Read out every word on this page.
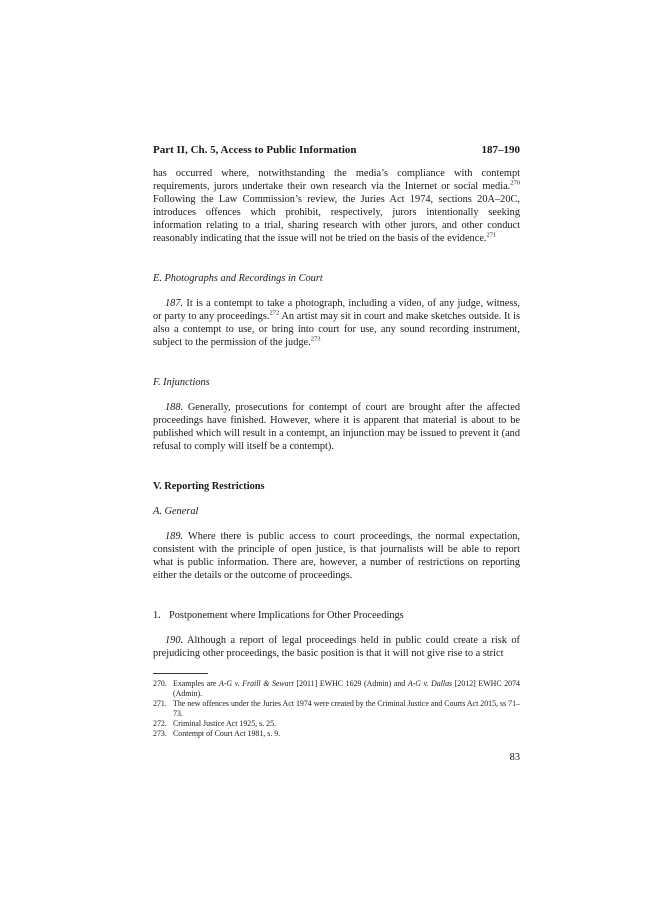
Part II, Ch. 5, Access to Public Information	187–190

has occurred where, notwithstanding the media’s compliance with contempt requirements, jurors undertake their own research via the Internet or social media.$^{270}$ Following the Law Commission’s review, the Juries Act 1974, sections 20A–20C, introduces offences which prohibit, respectively, jurors intentionally seeking information relating to a trial, sharing research with other jurors, and other conduct reasonably indicating that the issue will not be tried on the basis of the evidence.$^{271}$

E. Photographs and Recordings in Court

187. It is a contempt to take a photograph, including a video, of any judge, witness, or party to any proceedings.$^{272}$ An artist may sit in court and make sketches outside. It is also a contempt to use, or bring into court for use, any sound recording instrument, subject to the permission of the judge.$^{273}$

F. Injunctions

188. Generally, prosecutions for contempt of court are brought after the affected proceedings have finished. However, where it is apparent that material is about to be published which will result in a contempt, an injunction may be issued to prevent it (and refusal to comply will itself be a contempt).

V. Reporting Restrictions
A. General

189. Where there is public access to court proceedings, the normal expectation, consistent with the principle of open justice, is that journalists will be able to report what is public information. There are, however, a number of restrictions on reporting either the details or the outcome of proceedings.

1. Postponement where Implications for Other Proceedings

190. Although a report of legal proceedings held in public could create a risk of prejudicing other proceedings, the basic position is that it will not give rise to a strict

270. Examples are A-G v. Fraill & Sewart [2011] EWHC 1629 (Admin) and A-G v. Dallas [2012] EWHC 2074 (Admin).
271. The new offences under the Juries Act 1974 were created by the Criminal Justice and Courts Act 2015, ss 71–73.
272. Criminal Justice Act 1925, s. 25.
273. Contempt of Court Act 1981, s. 9.
83
